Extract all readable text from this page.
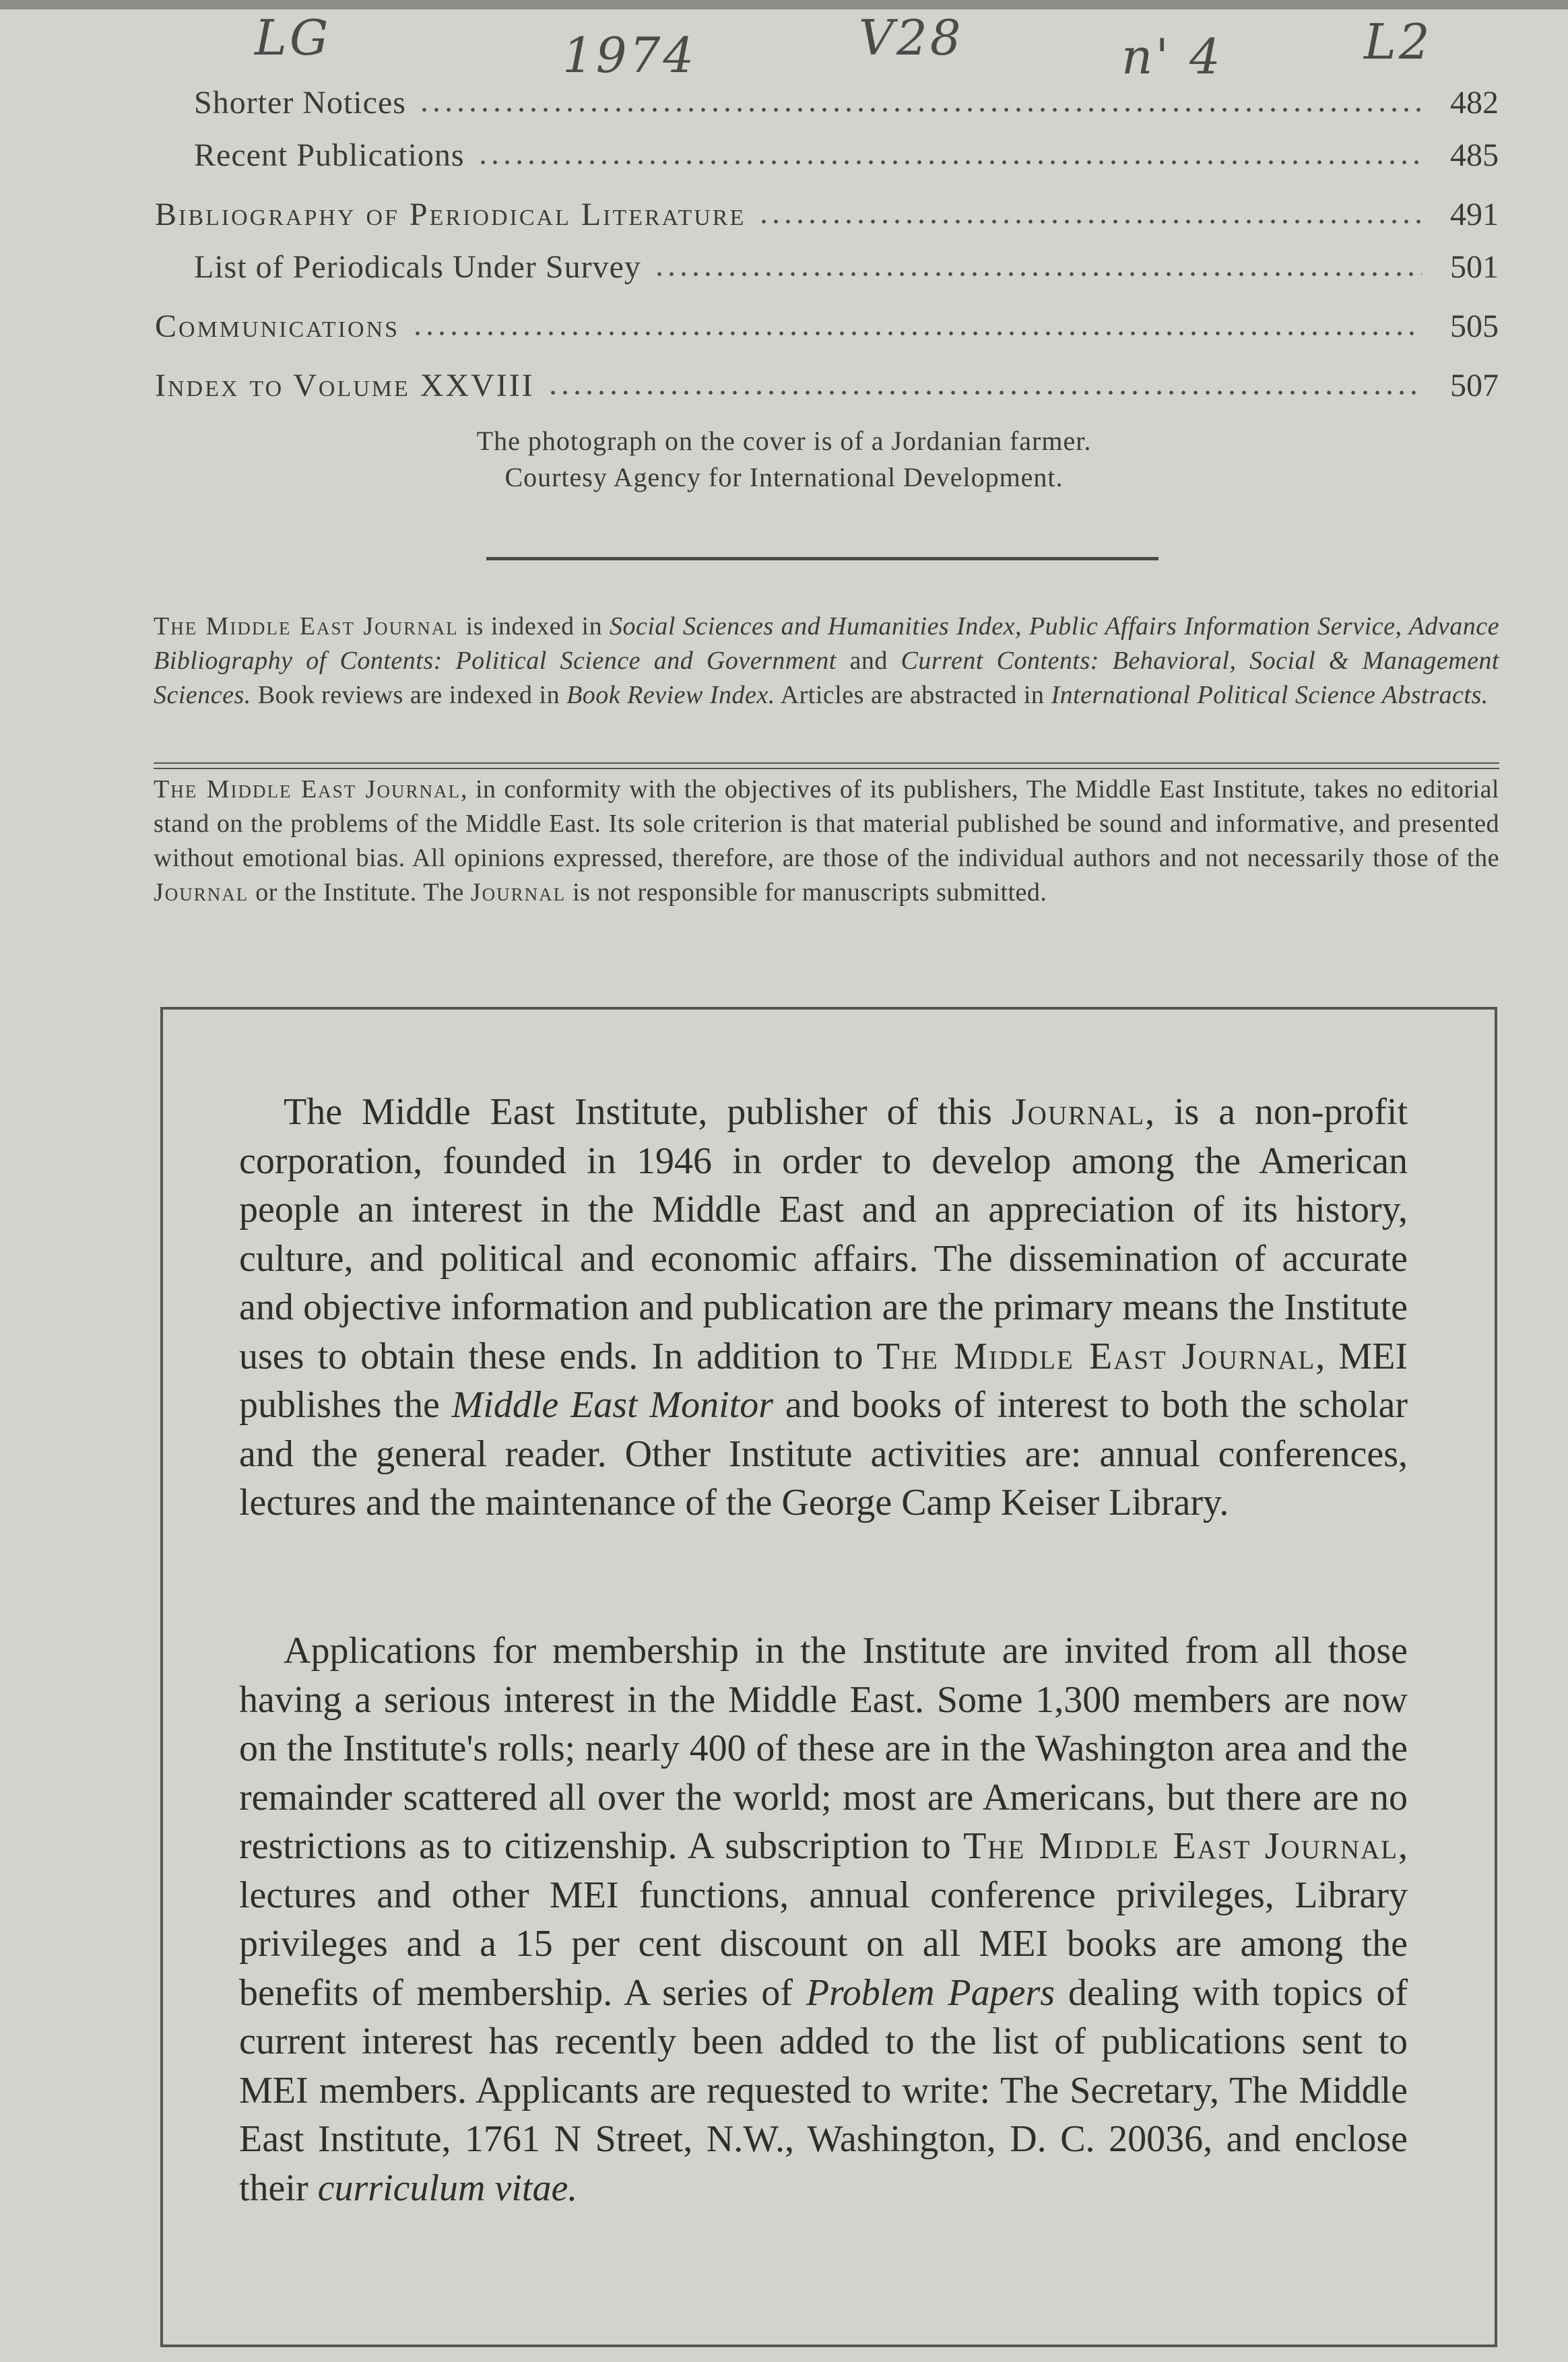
LG	1974	V28	n' 4	L2
Shorter Notices	482
Recent Publications	485
Bibliography of Periodical Literature	491
List of Periodicals Under Survey	501
Communications	505
Index to Volume XXVIII	507
The photograph on the cover is of a Jordanian farmer.
Courtesy Agency for International Development.
The Middle East Journal is indexed in Social Sciences and Humanities Index, Public Affairs Information Service, Advance Bibliography of Contents: Political Science and Government and Current Contents: Behavioral, Social & Management Sciences. Book reviews are indexed in Book Review Index. Articles are abstracted in International Political Science Abstracts.
The Middle East Journal, in conformity with the objectives of its publishers, The Middle East Institute, takes no editorial stand on the problems of the Middle East. Its sole criterion is that material published be sound and informative, and presented without emotional bias. All opinions expressed, therefore, are those of the individual authors and not necessarily those of the Journal or the Institute. The Journal is not responsible for manuscripts submitted.
The Middle East Institute, publisher of this Journal, is a non-profit corporation, founded in 1946 in order to develop among the American people an interest in the Middle East and an appreciation of its history, culture, and political and economic affairs. The dissemination of accurate and objective information and publication are the primary means the Institute uses to obtain these ends. In addition to The Middle East Journal, MEI publishes the Middle East Monitor and books of interest to both the scholar and the general reader. Other Institute activities are: annual conferences, lectures and the maintenance of the George Camp Keiser Library.
Applications for membership in the Institute are invited from all those having a serious interest in the Middle East. Some 1,300 members are now on the Institute's rolls; nearly 400 of these are in the Washington area and the remainder scattered all over the world; most are Americans, but there are no restrictions as to citizenship. A subscription to The Middle East Journal, lectures and other MEI functions, annual conference privileges, Library privileges and a 15 per cent discount on all MEI books are among the benefits of membership. A series of Problem Papers dealing with topics of current interest has recently been added to the list of publications sent to MEI members. Applicants are requested to write: The Secretary, The Middle East Institute, 1761 N Street, N.W., Washington, D. C. 20036, and enclose their curriculum vitae.
